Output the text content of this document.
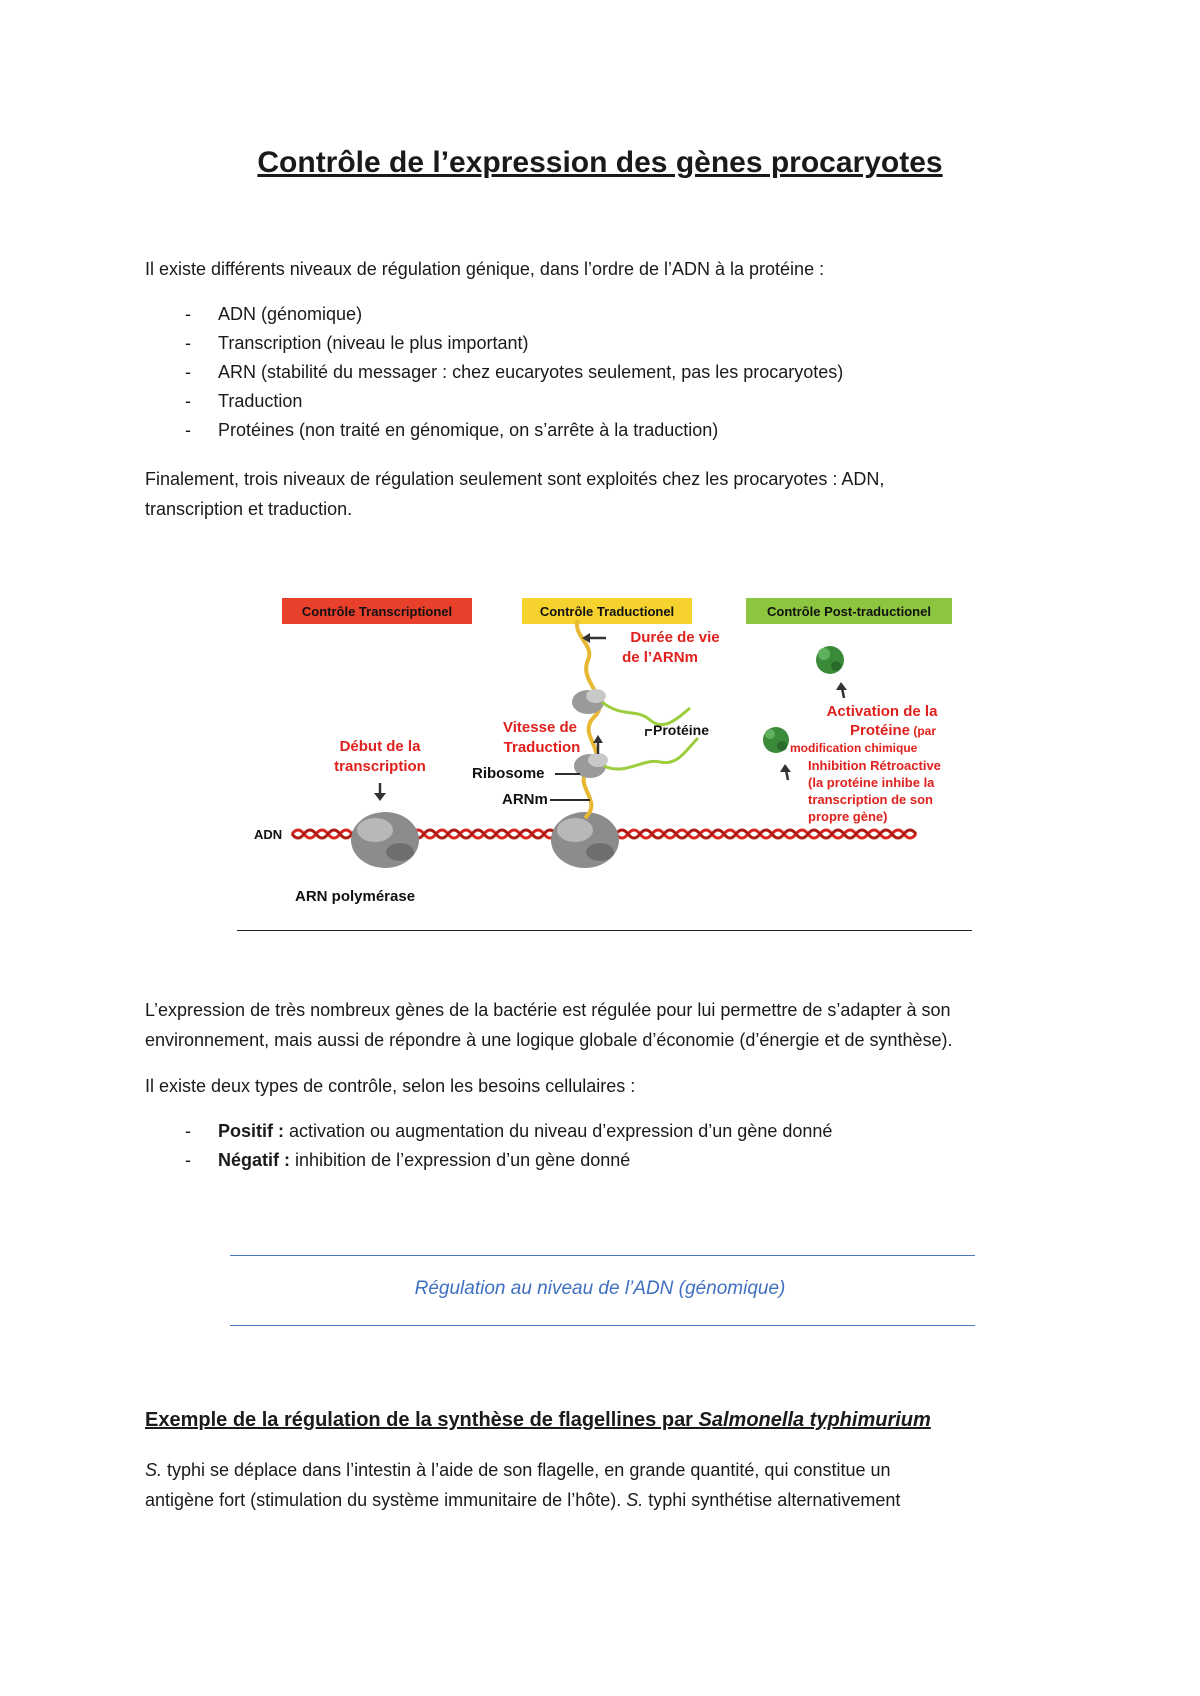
Contrôle de l’expression des gènes procaryotes

Il existe différents niveaux de régulation génique, dans l’ordre de l’ADN à la protéine :

- ADN (génomique)
- Transcription (niveau le plus important)
- ARN (stabilité du messager : chez eucaryotes seulement, pas les procaryotes)
- Traduction
- Protéines (non traité en génomique, on s’arrête à la traduction)

Finalement, trois niveaux de régulation seulement sont exploités chez les procaryotes : ADN,
transcription et traduction.

Contrôle Transcriptionel	Contrôle Traductionel	Contrôle Post-traductionel
ADN
ARN polymérase
Début de la
transcription
Durée de vie
de l’ARNm
Vitesse de
Traduction
Protéine
Ribosome
ARNm
Activation de la
Protéine (par
modification chimique
Inhibition Rétroactive
(la protéine inhibe la
transcription de son
propre gène)

L’expression de très nombreux gènes de la bactérie est régulée pour lui permettre de s’adapter à son
environnement, mais aussi de répondre à une logique globale d’économie (d’énergie et de synthèse).

Il existe deux types de contrôle, selon les besoins cellulaires :

- Positif : activation ou augmentation du niveau d’expression d’un gène donné
- Négatif : inhibition de l’expression d’un gène donné

Régulation au niveau de l’ADN (génomique)

Exemple de la régulation de la synthèse de flagellines par Salmonella typhimurium

S. typhi se déplace dans l’intestin à l’aide de son flagelle, en grande quantité, qui constitue un
antigène fort (stimulation du système immunitaire de l’hôte). S. typhi synthétise alternativement
